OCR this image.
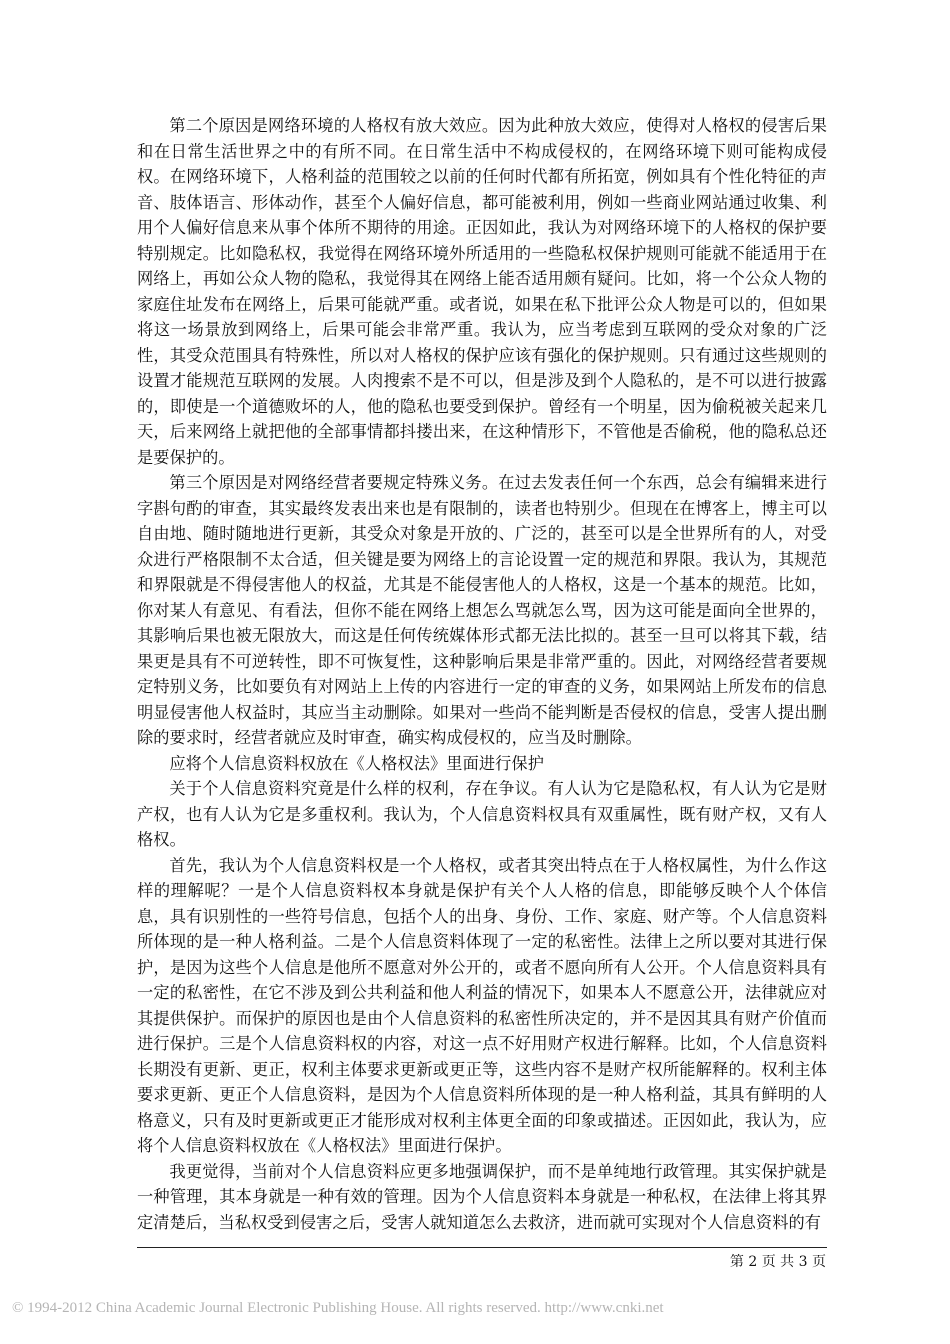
第二个原因是网络环境的人格权有放大效应。因为此种放大效应，使得对人格权的侵害后果和在日常生活世界之中的有所不同。在日常生活中不构成侵权的，在网络环境下则可能构成侵权。在网络环境下，人格利益的范围较之以前的任何时代都有所拓宽，例如具有个性化特征的声音、肢体语言、形体动作，甚至个人偏好信息，都可能被利用，例如一些商业网站通过收集、利用个人偏好信息来从事个体所不期待的用途。正因如此，我认为对网络环境下的人格权的保护要特别规定。比如隐私权，我觉得在网络环境外所适用的一些隐私权保护规则可能就不能适用于在网络上，再如公众人物的隐私，我觉得其在网络上能否适用颇有疑问。比如，将一个公众人物的家庭住址发布在网络上，后果可能就严重。或者说，如果在私下批评公众人物是可以的，但如果将这一场景放到网络上，后果可能会非常严重。我认为，应当考虑到互联网的受众对象的广泛性，其受众范围具有特殊性，所以对人格权的保护应该有强化的保护规则。只有通过这些规则的设置才能规范互联网的发展。人肉搜索不是不可以，但是涉及到个人隐私的，是不可以进行披露的，即使是一个道德败坏的人，他的隐私也要受到保护。曾经有一个明星，因为偷税被关起来几天，后来网络上就把他的全部事情都抖搂出来，在这种情形下，不管他是否偷税，他的隐私总还是要保护的。

第三个原因是对网络经营者要规定特殊义务。在过去发表任何一个东西，总会有编辑来进行字斟句酌的审查，其实最终发表出来也是有限制的，读者也特别少。但现在在博客上，博主可以自由地、随时随地进行更新，其受众对象是开放的、广泛的，甚至可以是全世界所有的人，对受众进行严格限制不太合适，但关键是要为网络上的言论设置一定的规范和界限。我认为，其规范和界限就是不得侵害他人的权益，尤其是不能侵害他人的人格权，这是一个基本的规范。比如，你对某人有意见、有看法，但你不能在网络上想怎么骂就怎么骂，因为这可能是面向全世界的，其影响后果也被无限放大，而这是任何传统媒体形式都无法比拟的。甚至一旦可以将其下载，结果更是具有不可逆转性，即不可恢复性，这种影响后果是非常严重的。因此，对网络经营者要规定特别义务，比如要负有对网站上上传的内容进行一定的审查的义务，如果网站上所发布的信息明显侵害他人权益时，其应当主动删除。如果对一些尚不能判断是否侵权的信息，受害人提出删除的要求时，经营者就应及时审查，确实构成侵权的，应当及时删除。

应将个人信息资料权放在《人格权法》里面进行保护

关于个人信息资料究竟是什么样的权利，存在争议。有人认为它是隐私权，有人认为它是财产权，也有人认为它是多重权利。我认为，个人信息资料权具有双重属性，既有财产权，又有人格权。

首先，我认为个人信息资料权是一个人格权，或者其突出特点在于人格权属性，为什么作这样的理解呢？一是个人信息资料权本身就是保护有关个人人格的信息，即能够反映个人个体信息，具有识别性的一些符号信息，包括个人的出身、身份、工作、家庭、财产等。个人信息资料所体现的是一种人格利益。二是个人信息资料体现了一定的私密性。法律上之所以要对其进行保护，是因为这些个人信息是他所不愿意对外公开的，或者不愿向所有人公开。个人信息资料具有一定的私密性，在它不涉及到公共利益和他人利益的情况下，如果本人不愿意公开，法律就应对其提供保护。而保护的原因也是由个人信息资料的私密性所决定的，并不是因其具有财产价值而进行保护。三是个人信息资料权的内容，对这一点不好用财产权进行解释。比如，个人信息资料长期没有更新、更正，权利主体要求更新或更正等，这些内容不是财产权所能解释的。权利主体要求更新、更正个人信息资料，是因为个人信息资料所体现的是一种人格利益，其具有鲜明的人格意义，只有及时更新或更正才能形成对权利主体更全面的印象或描述。正因如此，我认为，应将个人信息资料权放在《人格权法》里面进行保护。

我更觉得，当前对个人信息资料应更多地强调保护，而不是单纯地行政管理。其实保护就是一种管理，其本身就是一种有效的管理。因为个人信息资料本身就是一种私权，在法律上将其界定清楚后，当私权受到侵害之后，受害人就知道怎么去救济，进而就可实现对个人信息资料的有

第 2 页 共 3 页
© 1994-2012 China Academic Journal Electronic Publishing House. All rights reserved. http://www.cnki.net
